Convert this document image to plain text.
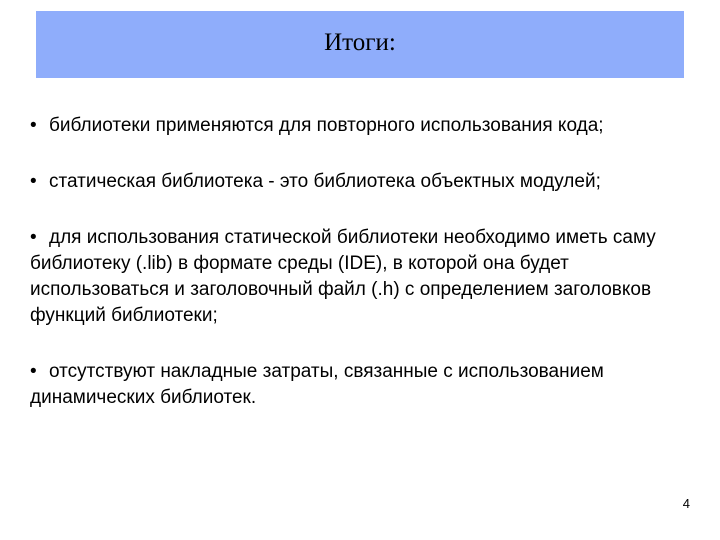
Итоги:

• библиотеки применяются для повторного использования кода;

• статическая библиотека - это библиотека объектных модулей;

• для использования статической библиотеки необходимо иметь саму библиотеку (.lib) в формате среды (IDE), в которой она будет использоваться и заголовочный файл (.h) с определением заголовков функций библиотеки;

• отсутствуют накладные затраты, связанные с использованием динамических библиотек.

4
